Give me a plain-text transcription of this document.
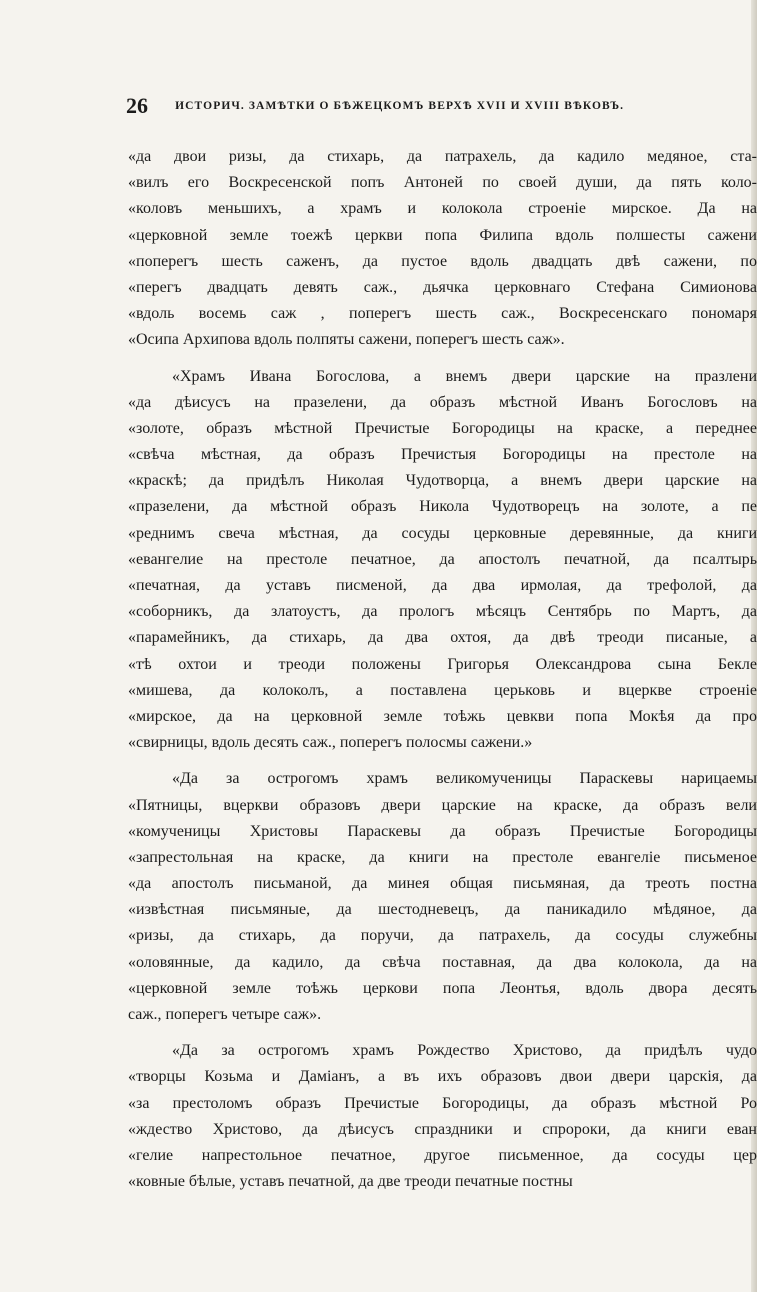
26 ИСТОРИЧ. ЗАМѢТКИ О БѢЖЕЦКОМЪ ВЕРХѢ XVII И XVIII ВѢКОВЪ.
«да двои ризы, да стихарь, да патрахель, да кадило медяное, ста-
«вилъ его Воскресенской попъ Антоней по своей души, да пять коло-
«коловъ меньшихъ, а храмъ и колокола строеніе мирское. Да на
«церковной земле тоежѣ церкви попа Филипа вдоль полшесты сажени
«поперегъ шесть саженъ, да пустое вдоль двадцать двѣ сажени, по
«перегъ двадцать девять саж., дьячка церковнаго Стефана Симионова
«вдоль восемь саж , поперегъ шесть саж., Воскресенскаго пономаря
«Осипа Архипова вдоль полпяты сажени, поперегъ шесть саж».
«Храмъ Ивана Богослова, а внемъ двери царские на празлени
«да дѣисусъ на празелени, да образъ мѣстной Иванъ Богословъ на
«золоте, образъ мѣстной Пречистые Богородицы на краске, а переднее
«свѣча мѣстная, да образъ Пречистыя Богородицы на престоле на
«краскѣ; да придѣлъ Николая Чудотворца, а внемъ двери царские на
«празелени, да мѣстной образъ Никола Чудотворецъ на золоте, а пе
«реднимъ свеча мѣстная, да сосуды церковные деревянные, да книги
«евангелие на престоле печатное, да апостолъ печатной, да псалтырь
«печатная, да уставъ писменой, да два ирмолая, да трефолой, да
«соборникъ, да златоустъ, да прологъ мѣсяцъ Сентябрь по Мартъ, да
«парамейникъ, да стихарь, да два охтоя, да двѣ треоди писаные, а
«тѣ охтои и треоди положены Григорья Олександрова сына Бекле
«мишева, да колоколъ, а поставлена церьковь и вцеркве строеніе
«мирское, да на церковной земле тоѣжь цевкви попа Мокѣя да про
«свирницы, вдоль десять саж., поперегъ полосмы сажени.»
«Да за острогомъ храмъ великомученицы Параскевы нарицаемы
«Пятницы, вцеркви образовъ двери царские на краске, да образъ вели
«комученицы Христовы Параскевы да образъ Пречистые Богородицы
«запрестольная на краске, да книги на престоле евангеліе письменое
«да апостолъ письманой, да минея общая письмяная, да треоть постна
«извѣстная письмяные, да шестодневецъ, да паникадило мѣдяное, да
«ризы, да стихарь, да поручи, да патрахель, да сосуды служебны
«оловянные, да кадило, да свѣча поставная, да два колокола, да на
«церковной земле тоѣжь церкови попа Леонтья, вдоль двора десять
саж., поперегъ четыре саж».
«Да за острогомъ храмъ Рождество Христово, да придѣлъ чудо
«творцы Козьма и Даміанъ, а въ ихъ образовъ двои двери царскія, да
«за престоломъ образъ Пречистые Богородицы, да образъ мѣстной Ро
«ждество Христово, да дѣисусъ спраздники и спророки, да книги еван
«гелие напрестольное печатное, другое письменное, да сосуды цер
«ковные бѣлые, уставъ печатной, да две треоди печатные постны
